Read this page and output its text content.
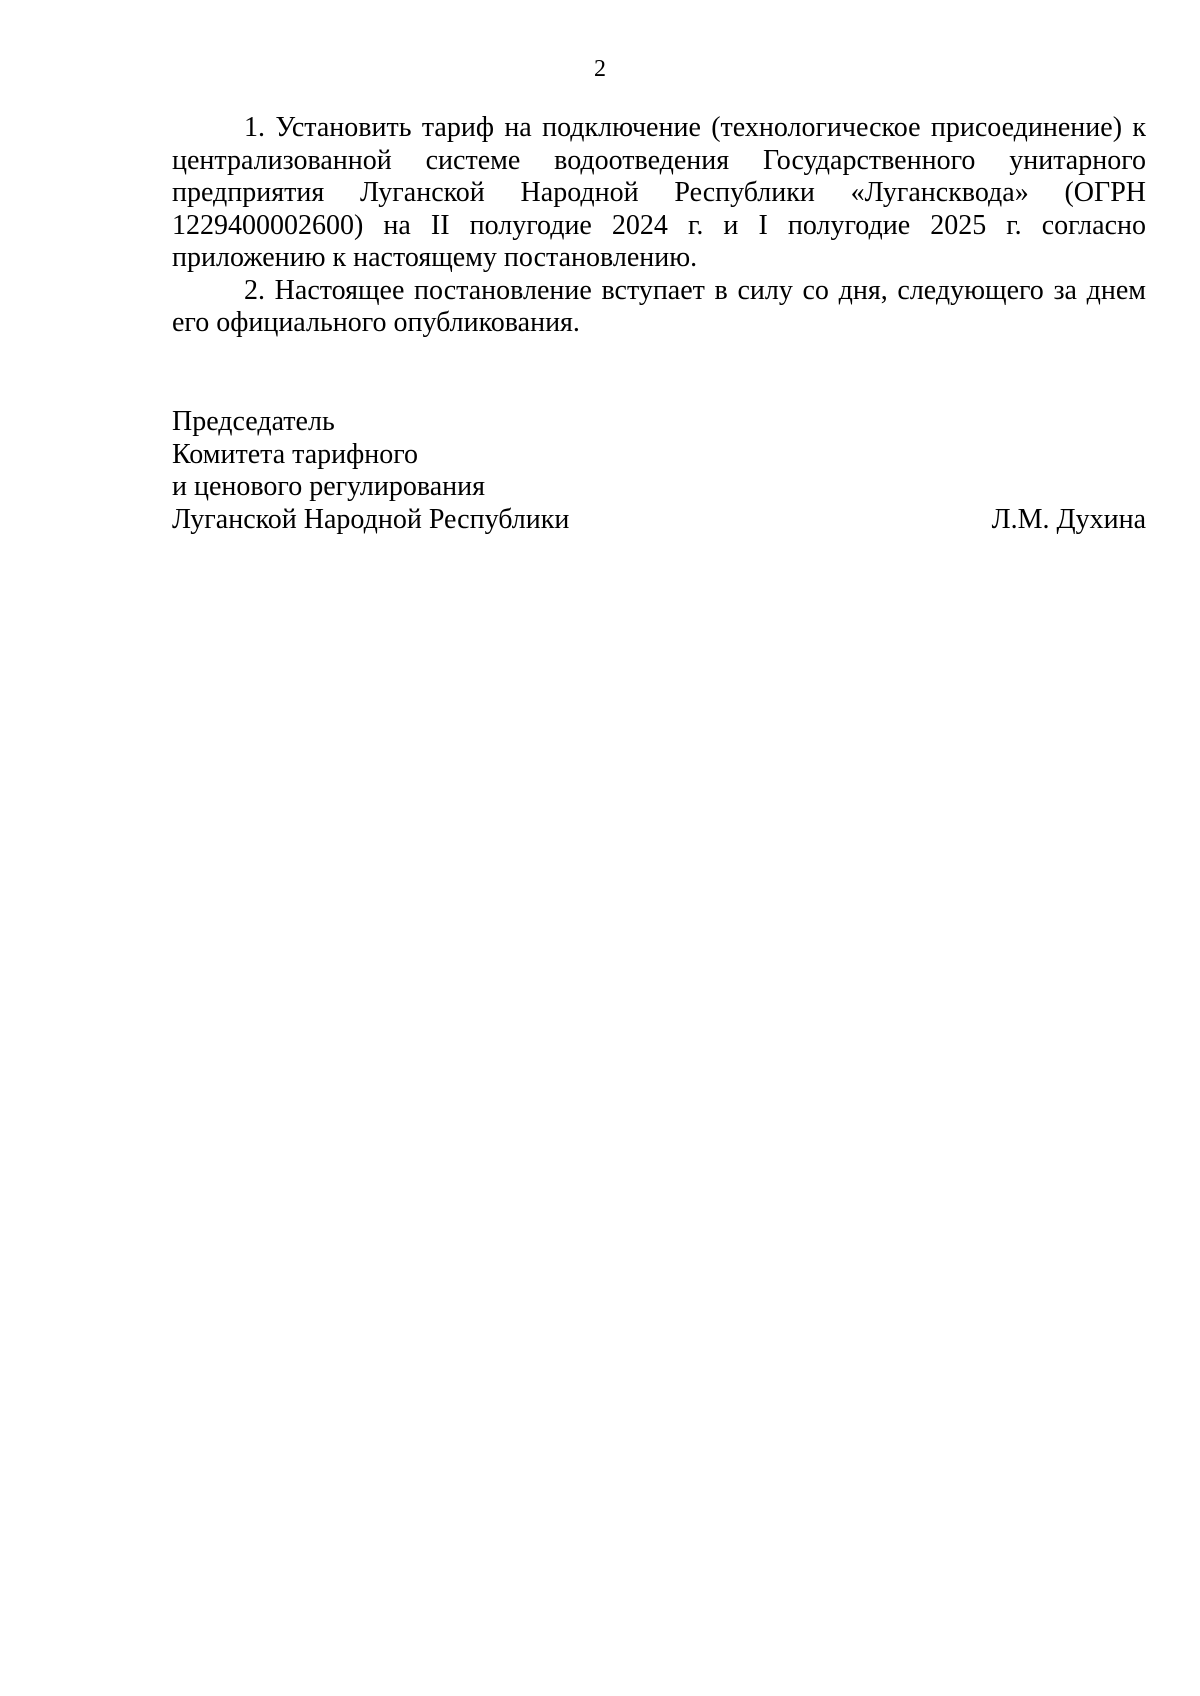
2

1. Установить тариф на подключение (технологическое присоединение) к централизованной системе водоотведения Государственного унитарного предприятия Луганской Народной Республики «Лугансквода» (ОГРН 1229400002600) на II полугодие 2024 г. и I полугодие 2025 г. согласно приложению к настоящему постановлению.

2. Настоящее постановление вступает в силу со дня, следующего за днем его официального опубликования.

Председатель
Комитета тарифного
и ценового регулирования
Луганской Народной Республики	Л.М. Духина
